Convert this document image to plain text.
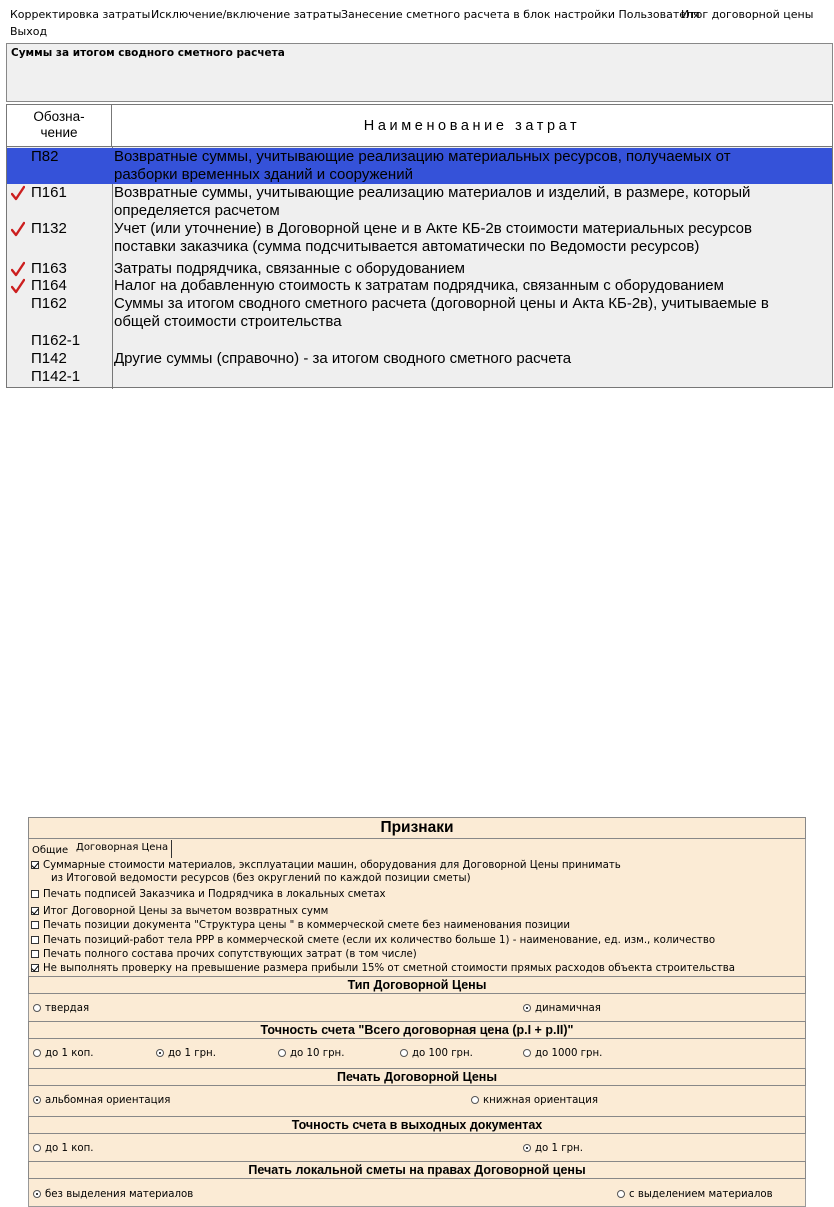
Корректировка затраты Исключение/включение затраты Занесение сметного расчета в блок настройки Пользователя
Итог договорной цены
Выход
Суммы за итогом сводного сметного расчета
Обозна-
чение	Наименование затрат
П82	Возвратные суммы, учитывающие реализацию материальных ресурсов, получаемых от
разборки временных зданий и сооружений
П161	Возвратные суммы, учитывающие реализацию материалов и изделий, в размере, который
определяется расчетом
П132	Учет (или уточнение) в Договорной цене и в Акте КБ-2в стоимости материальных ресурсов
поставки заказчика (сумма подсчитывается автоматически по Ведомости ресурсов)
П163	Затраты подрядчика, связанные с оборудованием
П164	Налог на добавленную стоимость к затратам подрядчика, связанным с оборудованием
П162	Суммы за итогом сводного сметного расчета (договорной цены и Акта КБ-2в), учитываемые в
общей стоимости строительства
П162-1
П142	Другие суммы (справочно) - за итогом сводного сметного расчета
П142-1
Признаки
Общие Договорная Цена
Суммарные стоимости материалов, эксплуатации машин, оборудования для Договорной Цены принимать
из Итоговой ведомости ресурсов (без округлений по каждой позиции сметы)
Печать подписей Заказчика и Подрядчика в локальных сметах
Итог Договорной Цены за вычетом возвратных сумм
Печать позиции документа "Структура цены " в коммерческой смете без наименования позиции
Печать позиций-работ тела РРР в коммерческой смете (если их количество больше 1) - наименование, ед. изм., количество
Печать полного состава прочих сопутствующих затрат (в том числе)
Не выполнять проверку на превышение размера прибыли 15% от сметной стоимости прямых расходов объекта строительства
Тип Договорной Цены
твердая	динамичная
Точность счета "Всего договорная цена (р.I + р.II)"
до 1 коп.	до 1 грн.	до 10 грн.	до 100 грн.	до 1000 грн.
Печать Договорной Цены
альбомная ориентация	книжная ориентация
Точность счета в выходных документах
до 1 коп.	до 1 грн.
Печать локальной сметы на правах Договорной цены
без выделения материалов	с выделением материалов
